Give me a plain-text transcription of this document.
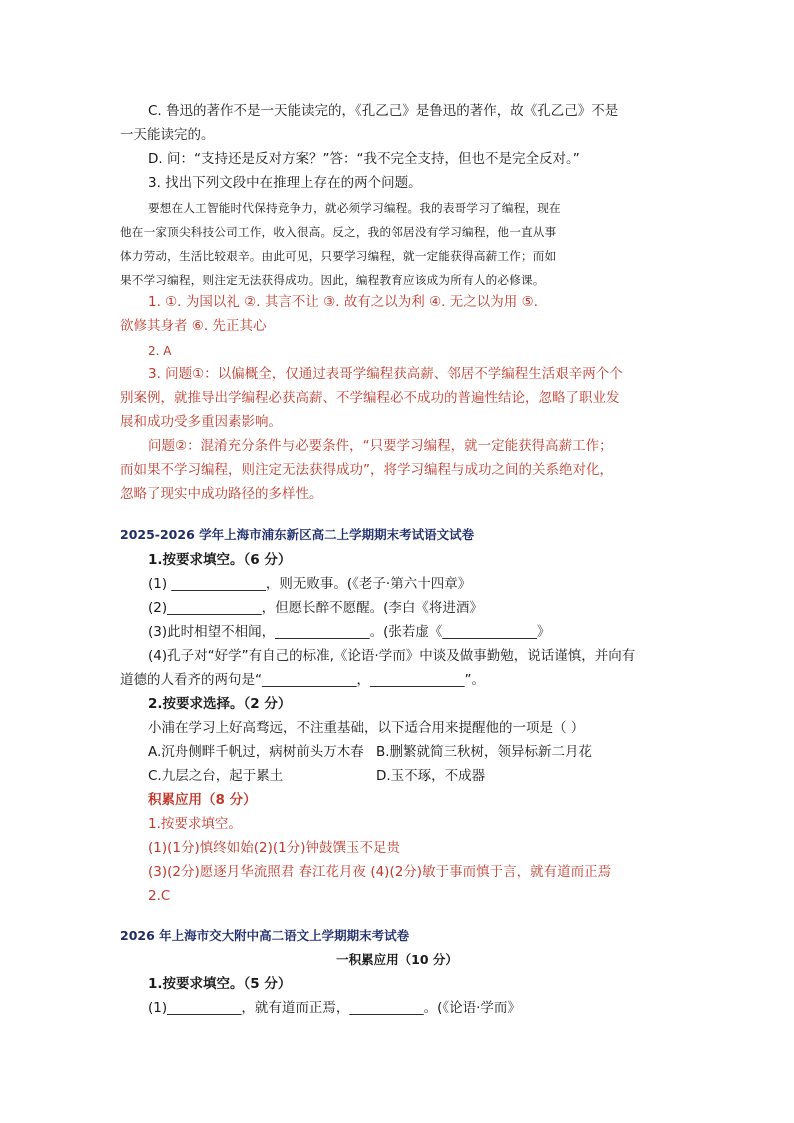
C. 鲁迅的著作不是一天能读完的，《孔乙己》是鲁迅的著作，故《孔乙己》不是
一天能读完的。
D. 问：“支持还是反对方案？”答：“我不完全支持，但也不是完全反对。”
3. 找出下列文段中在推理上存在的两个问题。
要想在人工智能时代保持竞争力，就必须学习编程。我的表哥学习了编程，现在
他在一家顶尖科技公司工作，收入很高。反之，我的邻居没有学习编程，他一直从事
体力劳动，生活比较艰辛。由此可见，只要学习编程，就一定能获得高薪工作；而如
果不学习编程，则注定无法获得成功。因此，编程教育应该成为所有人的必修课。
1. ①. 为国以礼 ②. 其言不让 ③. 故有之以为利 ④. 无之以为用 ⑤.
欲修其身者 ⑥. 先正其心
2. A
3. 问题①：以偏概全，仅通过表哥学编程获高薪、邻居不学编程生活艰辛两个个
别案例，就推导出学编程必获高薪、不学编程必不成功的普遍性结论，忽略了职业发
展和成功受多重因素影响。
问题②：混淆充分条件与必要条件，“只要学习编程，就一定能获得高薪工作；
而如果不学习编程，则注定无法获得成功”，将学习编程与成功之间的关系绝对化，
忽略了现实中成功路径的多样性。
2025-2026 学年上海市浦东新区高二上学期期末考试语文试卷
1.按要求填空。（6 分）
(1) ______________，则无败事。(《老子·第六十四章》
(2)______________，但愿长醉不愿醒。(李白《将进酒》
(3)此时相望不相闻，______________。(张若虚《______________》
(4)孔子对“好学”有自己的标准,《论语·学而》中谈及做事勤勉，说话谨慎，并向有
道德的人看齐的两句是“______________，______________”。
2.按要求选择。（2 分）
小浦在学习上好高骛远，不注重基础，以下适合用来提醒他的一项是（ ）
A.沉舟侧畔千帆过，病树前头万木春 B.删繁就简三秋树，领异标新二月花
C.九层之台，起于累土	D.玉不琢，不成器
积累应用（8 分）
1.按要求填空。
(1)(1分)慎终如始(2)(1分)钟鼓馔玉不足贵
(3)(2分)愿逐月华流照君 春江花月夜 (4)(2分)敏于事而慎于言，就有道而正焉
2.C
2026 年上海市交大附中高二语文上学期期末考试卷
一积累应用（10 分）
1.按要求填空。（5 分）
(1)___________，就有道而正焉，___________。(《论语·学而》
